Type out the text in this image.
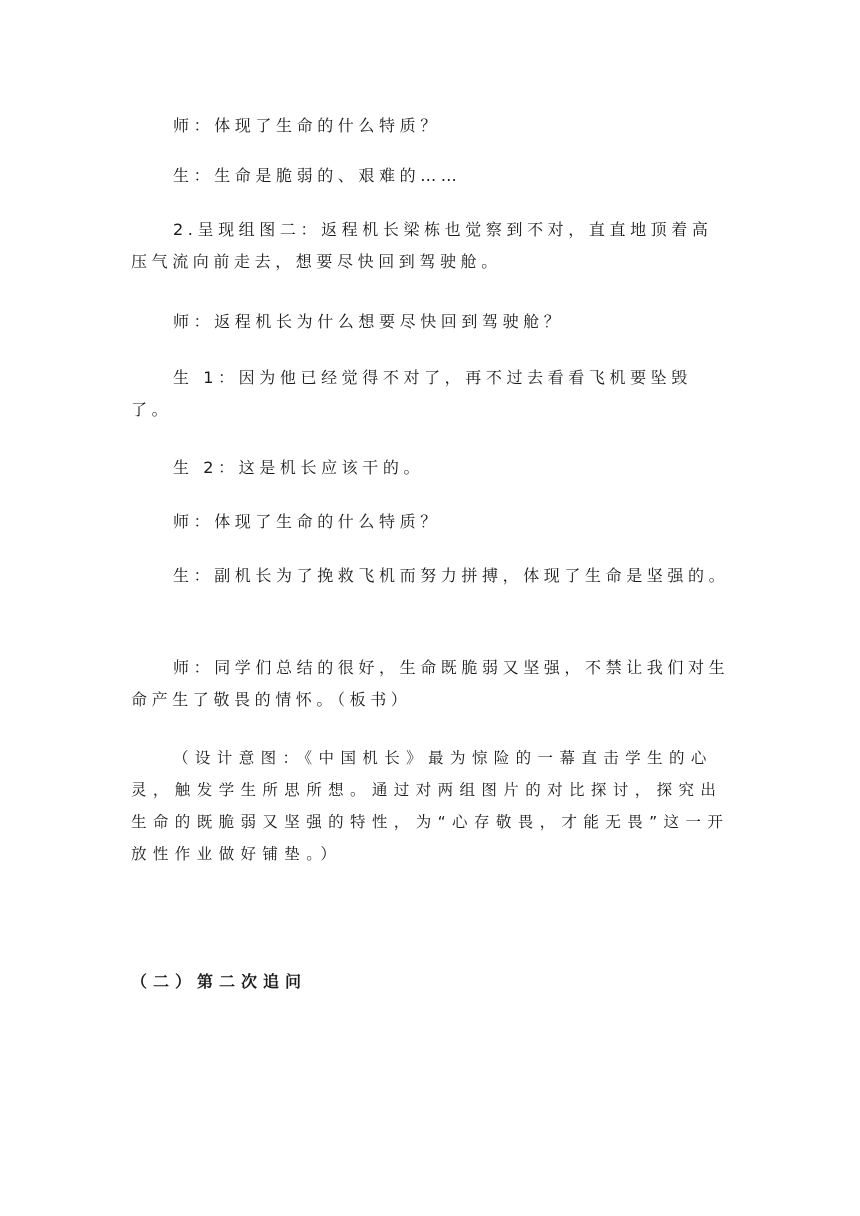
师：体现了生命的什么特质？

生：生命是脆弱的、艰难的……

2.呈现组图二：返程机长梁栋也觉察到不对，直直地顶着高压气流向前走去，想要尽快回到驾驶舱。

师：返程机长为什么想要尽快回到驾驶舱？

生 1：因为他已经觉得不对了，再不过去看看飞机要坠毁了。

生 2：这是机长应该干的。

师：体现了生命的什么特质？

生：副机长为了挽救飞机而努力拼搏，体现了生命是坚强的。

师：同学们总结的很好，生命既脆弱又坚强，不禁让我们对生命产生了敬畏的情怀。（板书）

（设计意图：《中国机长》最为惊险的一幕直击学生的心灵，触发学生所思所想。通过对两组图片的对比探讨，探究出生命的既脆弱又坚强的特性，为“心存敬畏，才能无畏”这一开放性作业做好铺垫。）

（二）第二次追问
